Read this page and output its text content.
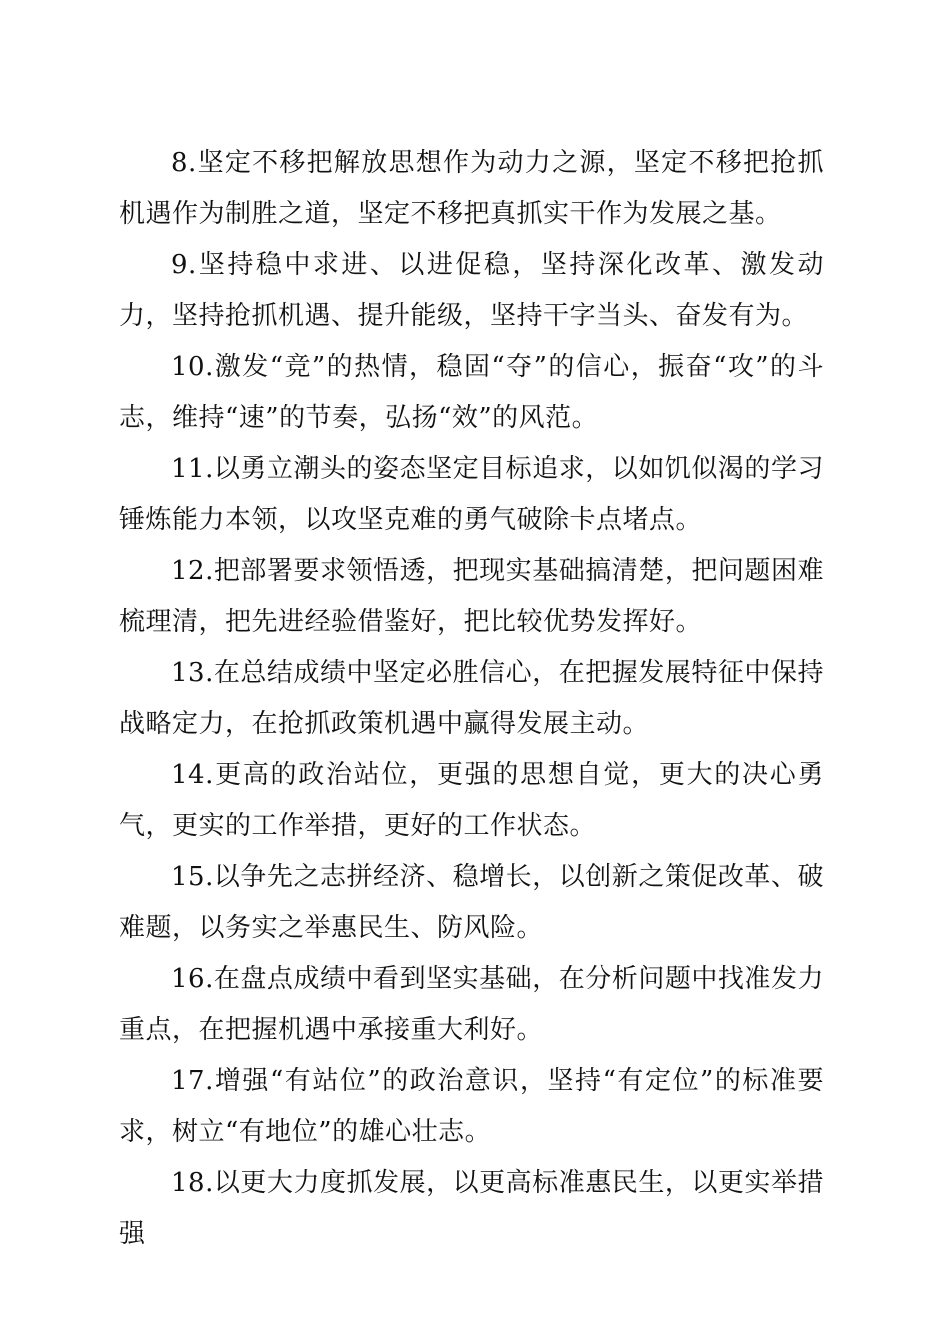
8.坚定不移把解放思想作为动力之源，坚定不移把抢抓机遇作为制胜之道，坚定不移把真抓实干作为发展之基。

9.坚持稳中求进、以进促稳，坚持深化改革、激发动力，坚持抢抓机遇、提升能级，坚持干字当头、奋发有为。

10.激发“竞”的热情，稳固“夺”的信心，振奋“攻”的斗志，维持“速”的节奏，弘扬“效”的风范。

11.以勇立潮头的姿态坚定目标追求，以如饥似渴的学习锤炼能力本领，以攻坚克难的勇气破除卡点堵点。

12.把部署要求领悟透，把现实基础搞清楚，把问题困难梳理清，把先进经验借鉴好，把比较优势发挥好。

13.在总结成绩中坚定必胜信心，在把握发展特征中保持战略定力，在抢抓政策机遇中赢得发展主动。

14.更高的政治站位，更强的思想自觉，更大的决心勇气，更实的工作举措，更好的工作状态。

15.以争先之志拼经济、稳增长，以创新之策促改革、破难题，以务实之举惠民生、防风险。

16.在盘点成绩中看到坚实基础，在分析问题中找准发力重点，在把握机遇中承接重大利好。

17.增强“有站位”的政治意识，坚持“有定位”的标准要求，树立“有地位”的雄心壮志。

18.以更大力度抓发展，以更高标准惠民生，以更实举措强
